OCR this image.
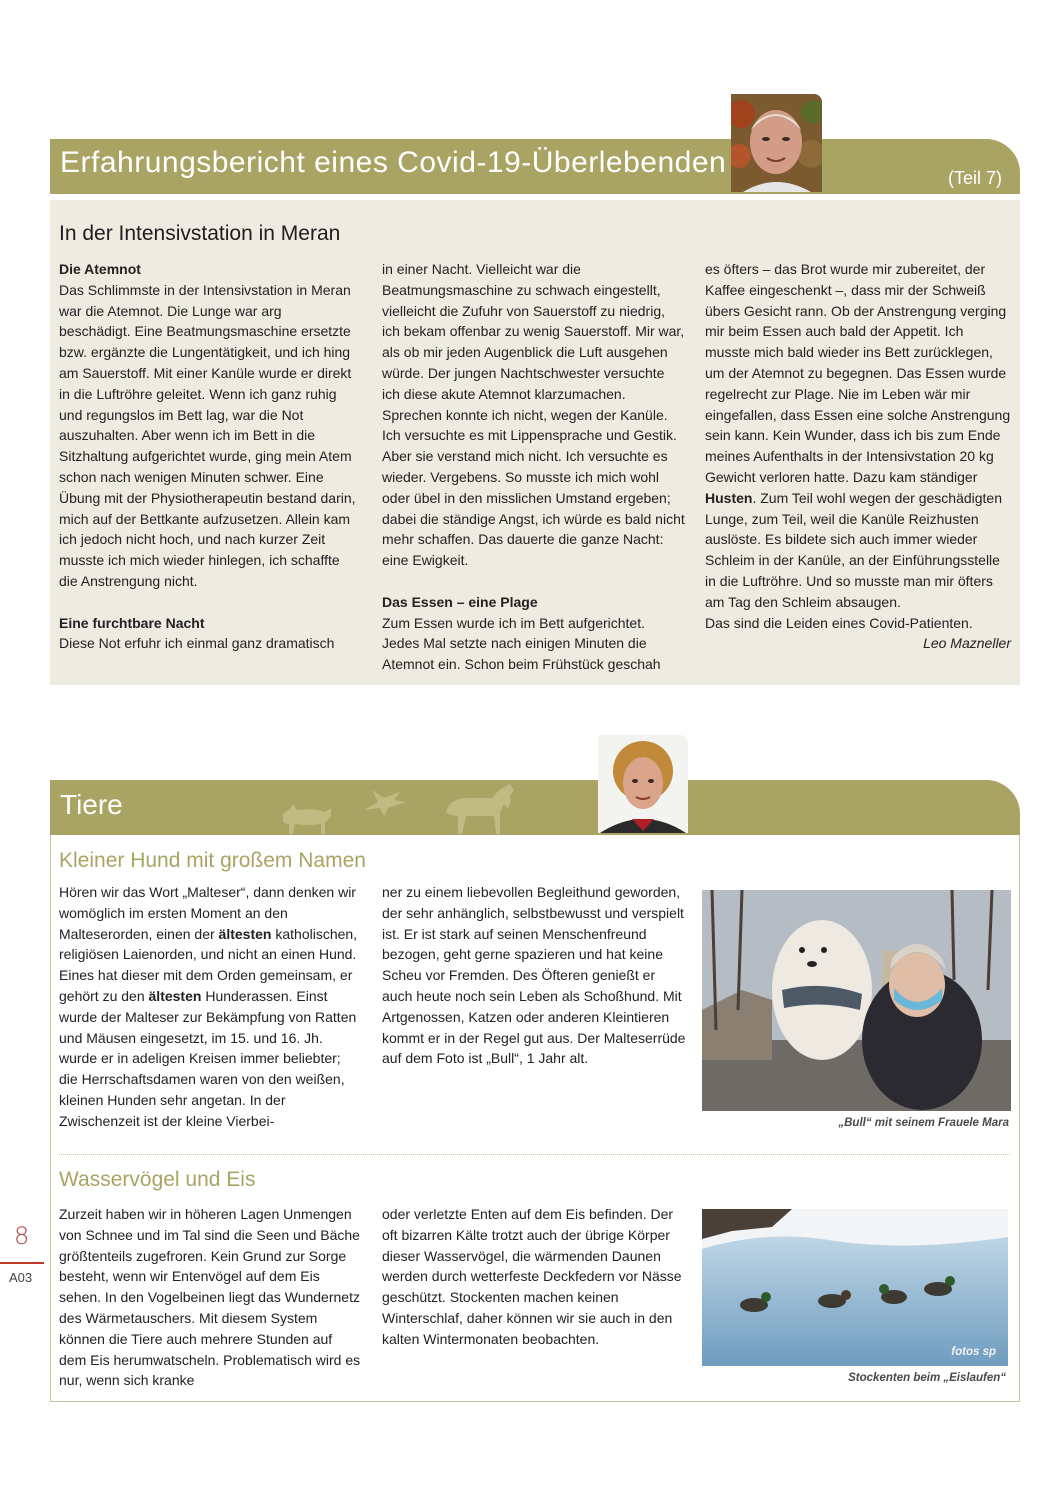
Erfahrungsbericht eines Covid-19-Überlebenden	(Teil 7)
In der Intensivstation in Meran

Die Atemnot

Das Schlimmste in der Intensivstation in Meran war die Atemnot. Die Lunge war arg beschädigt. Eine Beatmungsmaschine ersetzte bzw. ergänzte die Lungentätigkeit, und ich hing am Sauerstoff. Mit einer Kanüle wurde er direkt in die Luftröhre geleitet. Wenn ich ganz ruhig und regungslos im Bett lag, war die Not auszuhalten. Aber wenn ich im Bett in die Sitzhaltung aufgerichtet wurde, ging mein Atem schon nach wenigen Minuten schwer. Eine Übung mit der Physiotherapeutin bestand darin, mich auf der Bettkante aufzusetzen. Allein kam ich jedoch nicht hoch, und nach kurzer Zeit musste ich mich wieder hinlegen, ich schaffte die Anstrengung nicht.

Eine furchtbare Nacht

Diese Not erfuhr ich einmal ganz dramatisch

in einer Nacht. Vielleicht war die Beatmungsmaschine zu schwach eingestellt, vielleicht die Zufuhr von Sauerstoff zu niedrig, ich bekam offenbar zu wenig Sauerstoff. Mir war, als ob mir jeden Augenblick die Luft ausgehen würde. Der jungen Nachtschwester versuchte ich diese akute Atemnot klarzumachen. Sprechen konnte ich nicht, wegen der Kanüle. Ich versuchte es mit Lippensprache und Gestik. Aber sie verstand mich nicht. Ich versuchte es wieder. Vergebens. So musste ich mich wohl oder übel in den misslichen Umstand ergeben; dabei die ständige Angst, ich würde es bald nicht mehr schaffen. Das dauerte die ganze Nacht: eine Ewigkeit.

Das Essen – eine Plage

Zum Essen wurde ich im Bett aufgerichtet. Jedes Mal setzte nach einigen Minuten die Atemnot ein. Schon beim Frühstück geschah

es öfters – das Brot wurde mir zubereitet, der Kaffee eingeschenkt –, dass mir der Schweiß übers Gesicht rann. Ob der Anstrengung verging mir beim Essen auch bald der Appetit. Ich musste mich bald wieder ins Bett zurücklegen, um der Atemnot zu begegnen. Das Essen wurde regelrecht zur Plage. Nie im Leben wär mir eingefallen, dass Essen eine solche Anstrengung sein kann. Kein Wunder, dass ich bis zum Ende meines Aufenthalts in der Intensivstation 20 kg Gewicht verloren hatte. Dazu kam ständiger Husten. Zum Teil wohl wegen der geschädigten Lunge, zum Teil, weil die Kanüle Reizhusten auslöste. Es bildete sich auch immer wieder Schleim in der Kanüle, an der Einführungsstelle in die Luftröhre. Und so musste man mir öfters am Tag den Schleim absaugen.

Das sind die Leiden eines Covid-Patienten.

Leo Mazneller

Tiere
Kleiner Hund mit großem Namen

Hören wir das Wort „Malteser“, dann denken wir womöglich im ersten Moment an den Malteserorden, einen der ältesten katholischen, religiösen Laienorden, und nicht an einen Hund. Eines hat dieser mit dem Orden gemeinsam, er gehört zu den ältesten Hunderassen. Einst wurde der Malteser zur Bekämpfung von Ratten und Mäusen eingesetzt, im 15. und 16. Jh. wurde er in adeligen Kreisen immer beliebter; die Herrschaftsdamen waren von den weißen, kleinen Hunden sehr angetan. In der Zwischenzeit ist der kleine Vierbei-

ner zu einem liebevollen Begleithund geworden, der sehr anhänglich, selbstbewusst und verspielt ist. Er ist stark auf seinen Menschenfreund bezogen, geht gerne spazieren und hat keine Scheu vor Fremden. Des Öfteren genießt er auch heute noch sein Leben als Schoßhund. Mit Artgenossen, Katzen oder anderen Kleintieren kommt er in der Regel gut aus. Der Malteserrüde auf dem Foto ist „Bull“, 1 Jahr alt.

„Bull“ mit seinem Frauele Mara
Wasservögel und Eis

Zurzeit haben wir in höheren Lagen Unmengen von Schnee und im Tal sind die Seen und Bäche größtenteils zugefroren. Kein Grund zur Sorge besteht, wenn wir Entenvögel auf dem Eis sehen. In den Vogelbeinen liegt das Wundernetz des Wärmetauschers. Mit diesem System können die Tiere auch mehrere Stunden auf dem Eis herumwatscheln. Problematisch wird es nur, wenn sich kranke

oder verletzte Enten auf dem Eis befinden. Der oft bizarren Kälte trotzt auch der übrige Körper dieser Wasservögel, die wärmenden Daunen werden durch wetterfeste Deckfedern vor Nässe geschützt. Stockenten machen keinen Winterschlaf, daher können wir sie auch in den kalten Wintermonaten beobachten.

fotos sp
Stockenten beim „Eislaufen“
8
A03
